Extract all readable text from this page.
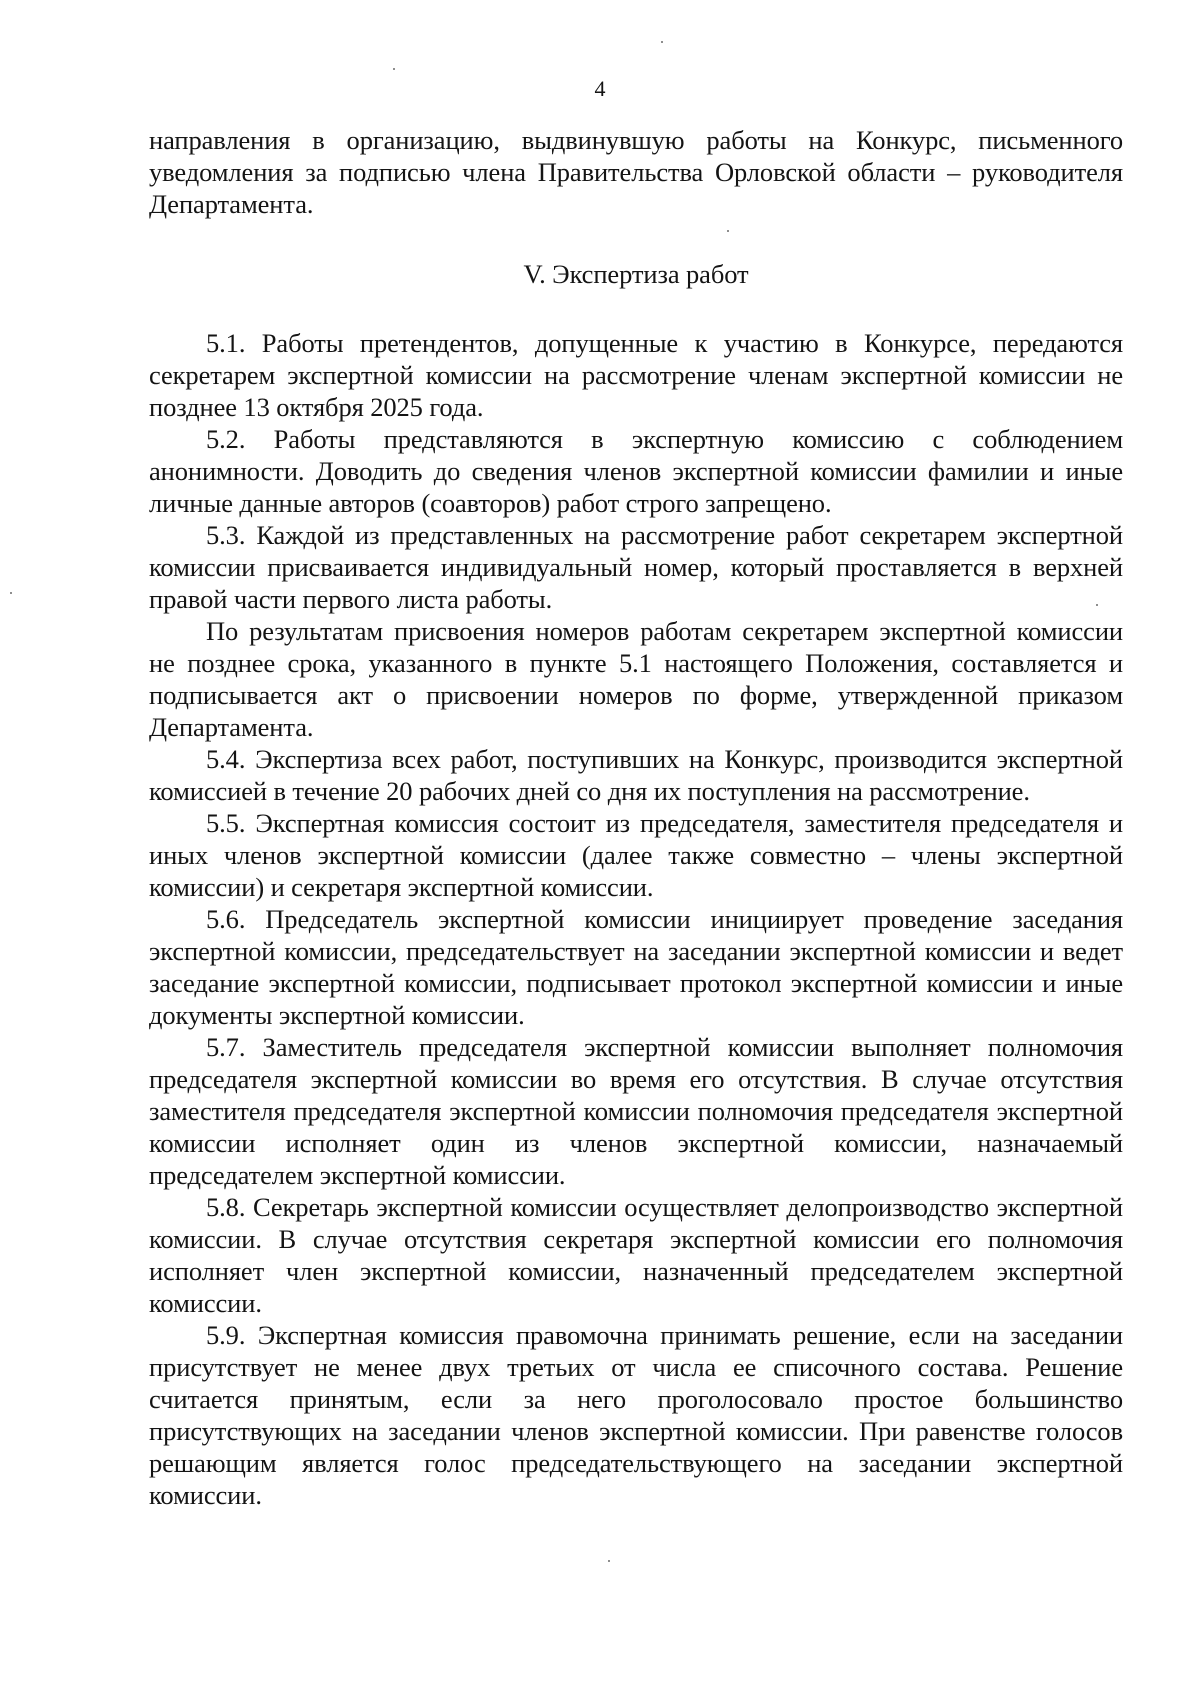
4

направления в организацию, выдвинувшую работы на Конкурс, письменного уведомления за подписью члена Правительства Орловской области – руководителя Департамента.

V. Экспертиза работ

5.1. Работы претендентов, допущенные к участию в Конкурсе, передаются секретарем экспертной комиссии на рассмотрение членам экспертной комиссии не позднее 13 октября 2025 года.

5.2. Работы представляются в экспертную комиссию с соблюдением анонимности. Доводить до сведения членов экспертной комиссии фамилии и иные личные данные авторов (соавторов) работ строго запрещено.

5.3. Каждой из представленных на рассмотрение работ секретарем экспертной комиссии присваивается индивидуальный номер, который проставляется в верхней правой части первого листа работы.

По результатам присвоения номеров работам секретарем экспертной комиссии не позднее срока, указанного в пункте 5.1 настоящего Положения, составляется и подписывается акт о присвоении номеров по форме, утвержденной приказом Департамента.

5.4. Экспертиза всех работ, поступивших на Конкурс, производится экспертной комиссией в течение 20 рабочих дней со дня их поступления на рассмотрение.

5.5. Экспертная комиссия состоит из председателя, заместителя председателя и иных членов экспертной комиссии (далее также совместно – члены экспертной комиссии) и секретаря экспертной комиссии.

5.6. Председатель экспертной комиссии инициирует проведение заседания экспертной комиссии, председательствует на заседании экспертной комиссии и ведет заседание экспертной комиссии, подписывает протокол экспертной комиссии и иные документы экспертной комиссии.

5.7. Заместитель председателя экспертной комиссии выполняет полномочия председателя экспертной комиссии во время его отсутствия. В случае отсутствия заместителя председателя экспертной комиссии полномочия председателя экспертной комиссии исполняет один из членов экспертной комиссии, назначаемый председателем экспертной комиссии.

5.8. Секретарь экспертной комиссии осуществляет делопроизводство экспертной комиссии. В случае отсутствия секретаря экспертной комиссии его полномочия исполняет член экспертной комиссии, назначенный председателем экспертной комиссии.

5.9. Экспертная комиссия правомочна принимать решение, если на заседании присутствует не менее двух третьих от числа ее списочного состава. Решение считается принятым, если за него проголосовало простое большинство присутствующих на заседании членов экспертной комиссии. При равенстве голосов решающим является голос председательствующего на заседании экспертной комиссии.
